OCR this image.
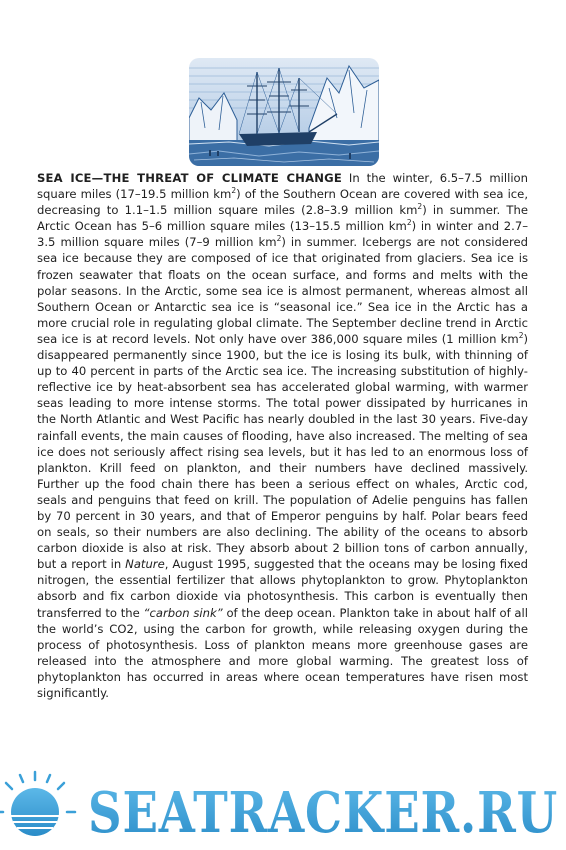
SEA ICE—THE THREAT OF CLIMATE CHANGE In the winter, 6.5–7.5 million square miles (17–19.5 million $km^2$) of the Southern Ocean are covered with sea ice, decreasing to 1.1–1.5 million square miles (2.8–3.9 million $km^2$) in summer. The Arctic Ocean has 5–6 million square miles (13–15.5 million $km^2$) in winter and 2.7–3.5 million square miles (7–9 million $km^2$) in summer. Icebergs are not considered sea ice because they are composed of ice that originated from glaciers. Sea ice is frozen seawater that floats on the ocean surface, and forms and melts with the polar seasons. In the Arctic, some sea ice is almost permanent, whereas almost all Southern Ocean or Antarctic sea ice is “seasonal ice.” Sea ice in the Arctic has a more crucial role in regulating global climate. The September decline trend in Arctic sea ice is at record levels. Not only have over 386,000 square miles (1 million $km^2$) disappeared permanently since 1900, but the ice is losing its bulk, with thinning of up to 40 percent in parts of the Arctic sea ice. The increasing substitution of highly-reflective ice by heat-absorbent sea has accelerated global warming, with warmer seas leading to more intense storms. The total power dissipated by hurricanes in the North Atlantic and West Pacific has nearly doubled in the last 30 years. Five-day rainfall events, the main causes of flooding, have also increased. The melting of sea ice does not seriously affect rising sea levels, but it has led to an enormous loss of plankton. Krill feed on plankton, and their numbers have declined massively. Further up the food chain there has been a serious effect on whales, Arctic cod, seals and penguins that feed on krill. The population of Adelie penguins has fallen by 70 percent in 30 years, and that of Emperor penguins by half. Polar bears feed on seals, so their numbers are also declining. The ability of the oceans to absorb carbon dioxide is also at risk. They absorb about 2 billion tons of carbon annually, but a report in Nature, August 1995, suggested that the oceans may be losing fixed nitrogen, the essential fertilizer that allows phytoplankton to grow. Phytoplankton absorb and fix carbon dioxide via photosynthesis. This carbon is eventually then transferred to the “carbon sink” of the deep ocean. Plankton take in about half of all the world’s CO2, using the carbon for growth, while releasing oxygen during the process of photosynthesis. Loss of plankton means more greenhouse gases are released into the atmosphere and more global warming. The greatest loss of phytoplankton has occurred in areas where ocean temperatures have risen most significantly.

SEATRACKER.RU
